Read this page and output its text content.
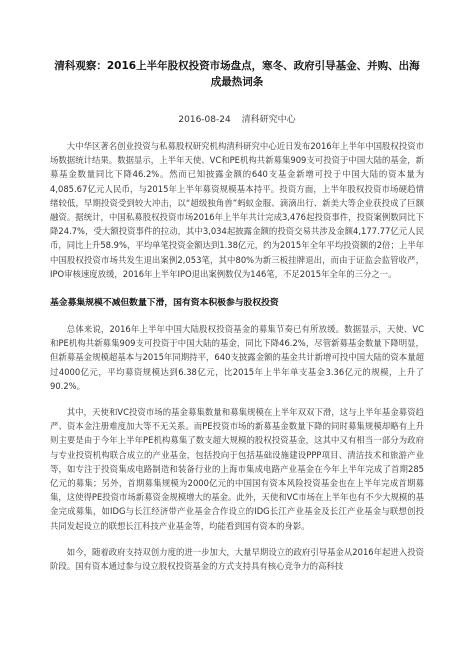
清科观察：2016上半年股权投资市场盘点，寒冬、政府引导基金、并购、出海成最热词条
2016-08-24 清科研究中心

大中华区著名创业投资与私募股权研究机构清科研究中心近日发布2016年上半年中国股权投资市场数据统计结果。数据显示，上半年天使、VC和PE机构共新募集909支可投资于中国大陆的基金，新募基金数量同比下降46.2%。然而已知披露金额的640支基金新增可投于中国大陆的资本量为4,085.67亿元人民币，与2015年上半年募资规模基本持平。投资方面，上半年股权投资市场硬趋情绪较低，早期投资受到较大冲击，以“超级独角兽”蚂蚁金服、滴滴出行、新美大等企业获投成了巨额融资。据统计，中国私募股权投资市场2016年上半年共计完成3,476起投资事件，投资案例数同比下降24.7%，受大额投资事件的拉动，其中3,034起披露金额的投资交易共涉及金额4,177.77亿元人民币，同比上升58.9%，平均单笔投资金额达到1.38亿元，约为2015年全年平均投资额的2倍；上半年中国股权投资市场共发生退出案例2,053笔，其中80%为新三板挂牌退出，而由于证监会监管收严，IPO审核速度放缓，2016年上半年IPO退出案例数仅为146笔，不足2015年全年的三分之一。

基金募集规模不减但数量下滑，国有资本积极参与股权投资

总体来说，2016年上半年中国大陆股权投资基金的募集节奏已有所放缓。数据显示，天使、VC和PE机构共新募集909支可投资于中国大陆的基金，同比下降46.2%，尽管新募基金数量下降明显，但新募基金规模超基本与2015年同期持平，640支披露金额的基金共计新增可投中国大陆的资本量超过4000亿元，平均募资规模达到6.38亿元，比2015年上半年单支基金3.36亿元的规模，上升了90.2%。

其中，天使和VC投资市场的基金募集数量和募集规模在上半年双双下滑，这与上半年基金募资趋严、资本金注册难度加大等不无关系。而PE投资市场的新募基金数量下降的同时募集规模却略有上升则主要是由于今年上半年PE机构募集了数支超大规模的股权投资基金，这其中又有相当一部分为政府与专业投资机构联合成立的产业基金，包括投向于包括基础设施建设PPP项目、清洁技术和旅游产业等，如专注于投资集成电路制造和装备行业的上海市集成电路产业基金在今年上半年完成了首期285亿元的募集；另外，首期募集规模为2000亿元的中国国有资本风险投资基金也在上半年完成首期募集，这使得PE投资市场新募资金规模增大的基金。此外，天使和VC市场在上半年也有不少大规模的基金完成募集，如IDG与长江经济带产业基金合作设立的IDG长江产业基金及长江产业基金与联想创投共同发起设立的联想长江科技产业基金等，均能看到国有资本的身影。

如今，随着政府支持双创力度的进一步加大，大量早期设立的政府引导基金从2016年起进入投资阶段。国有资本通过参与设立股权投资基金的方式支持具有核心竞争力的高科技
